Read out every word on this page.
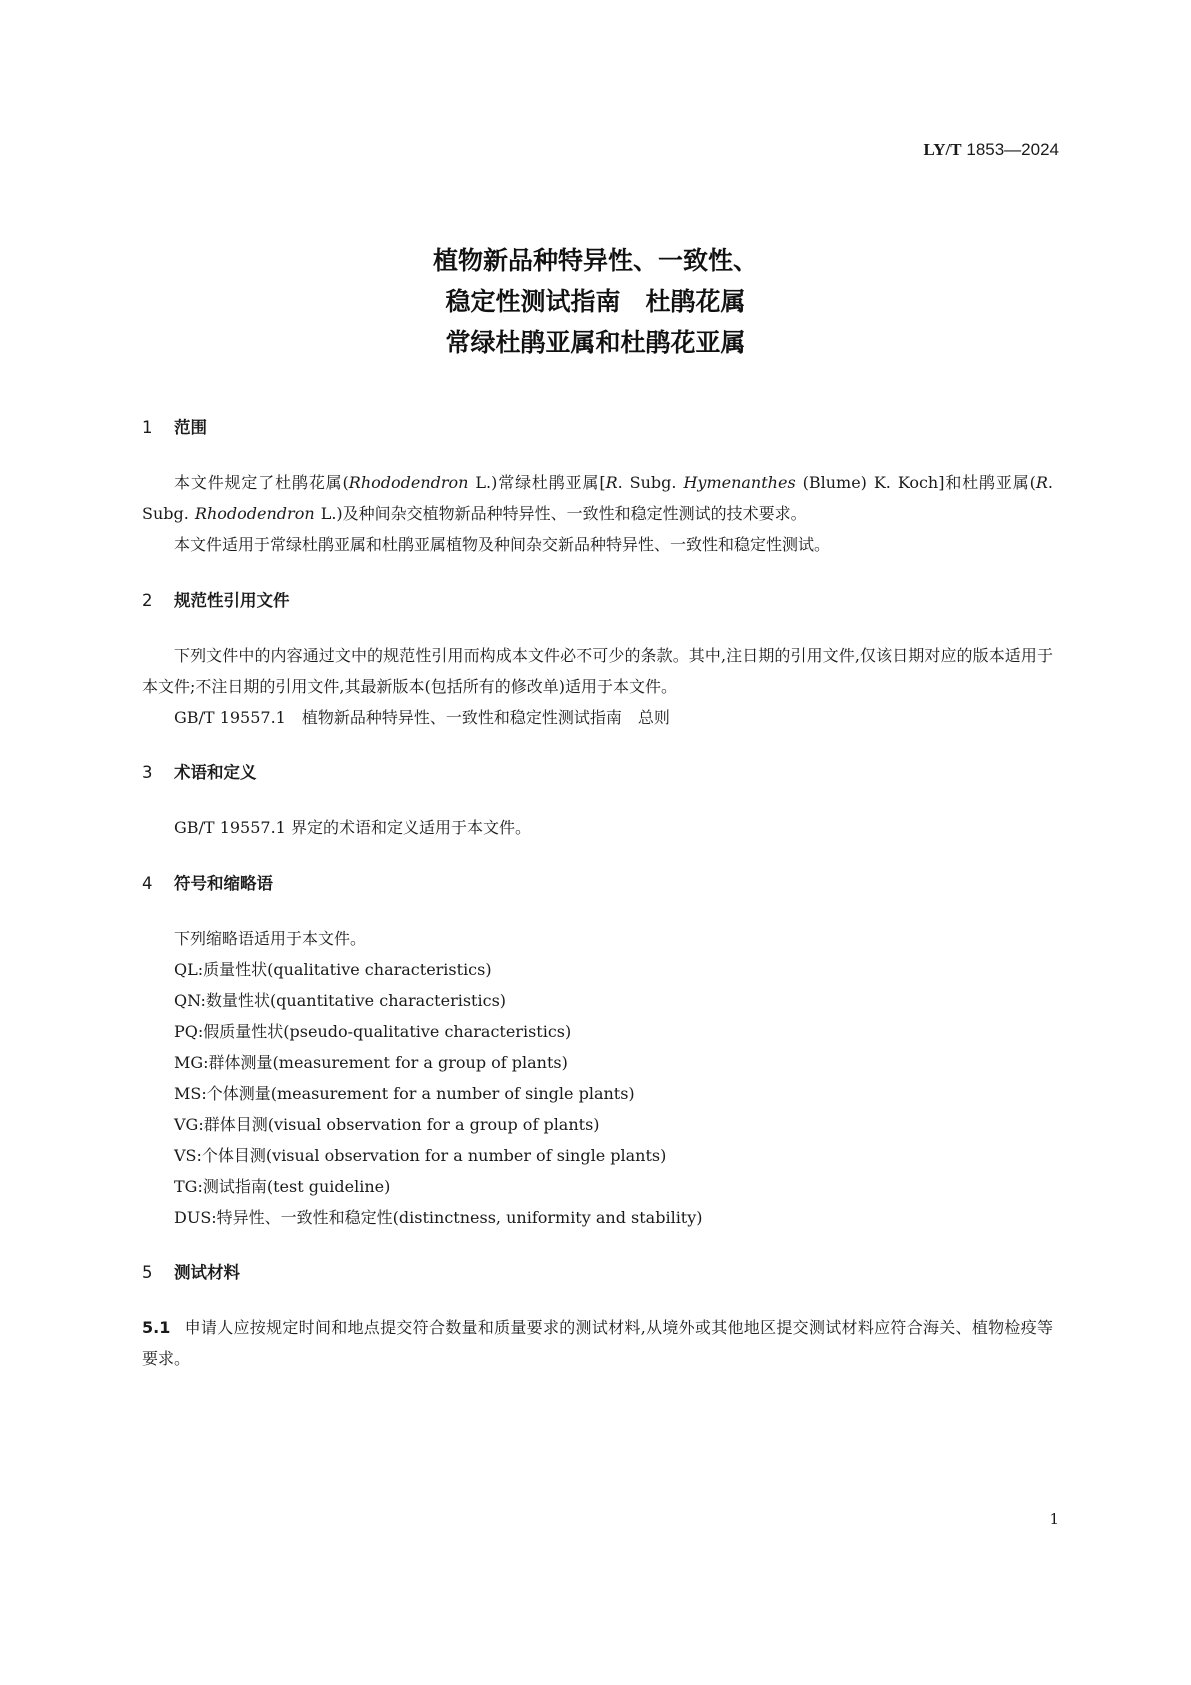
LY/T 1853—2024
植物新品种特异性、一致性、
稳定性测试指南　杜鹃花属
常绿杜鹃亚属和杜鹃花亚属
1 范围
本文件规定了杜鹃花属(Rhododendron L.)常绿杜鹃亚属[R. Subg. Hymenanthes (Blume) K. Koch]和杜鹃亚属(R. Subg. Rhododendron L.)及种间杂交植物新品种特异性、一致性和稳定性测试的技术要求。
本文件适用于常绿杜鹃亚属和杜鹃亚属植物及种间杂交新品种特异性、一致性和稳定性测试。
2 规范性引用文件
下列文件中的内容通过文中的规范性引用而构成本文件必不可少的条款。其中,注日期的引用文件,仅该日期对应的版本适用于本文件;不注日期的引用文件,其最新版本(包括所有的修改单)适用于本文件。
GB/T 19557.1　植物新品种特异性、一致性和稳定性测试指南　总则
3 术语和定义
GB/T 19557.1 界定的术语和定义适用于本文件。
4 符号和缩略语
下列缩略语适用于本文件。
QL:质量性状(qualitative characteristics)
QN:数量性状(quantitative characteristics)
PQ:假质量性状(pseudo-qualitative characteristics)
MG:群体测量(measurement for a group of plants)
MS:个体测量(measurement for a number of single plants)
VG:群体目测(visual observation for a group of plants)
VS:个体目测(visual observation for a number of single plants)
TG:测试指南(test guideline)
DUS:特异性、一致性和稳定性(distinctness, uniformity and stability)
5 测试材料
5.1 申请人应按规定时间和地点提交符合数量和质量要求的测试材料,从境外或其他地区提交测试材料应符合海关、植物检疫等要求。
1
